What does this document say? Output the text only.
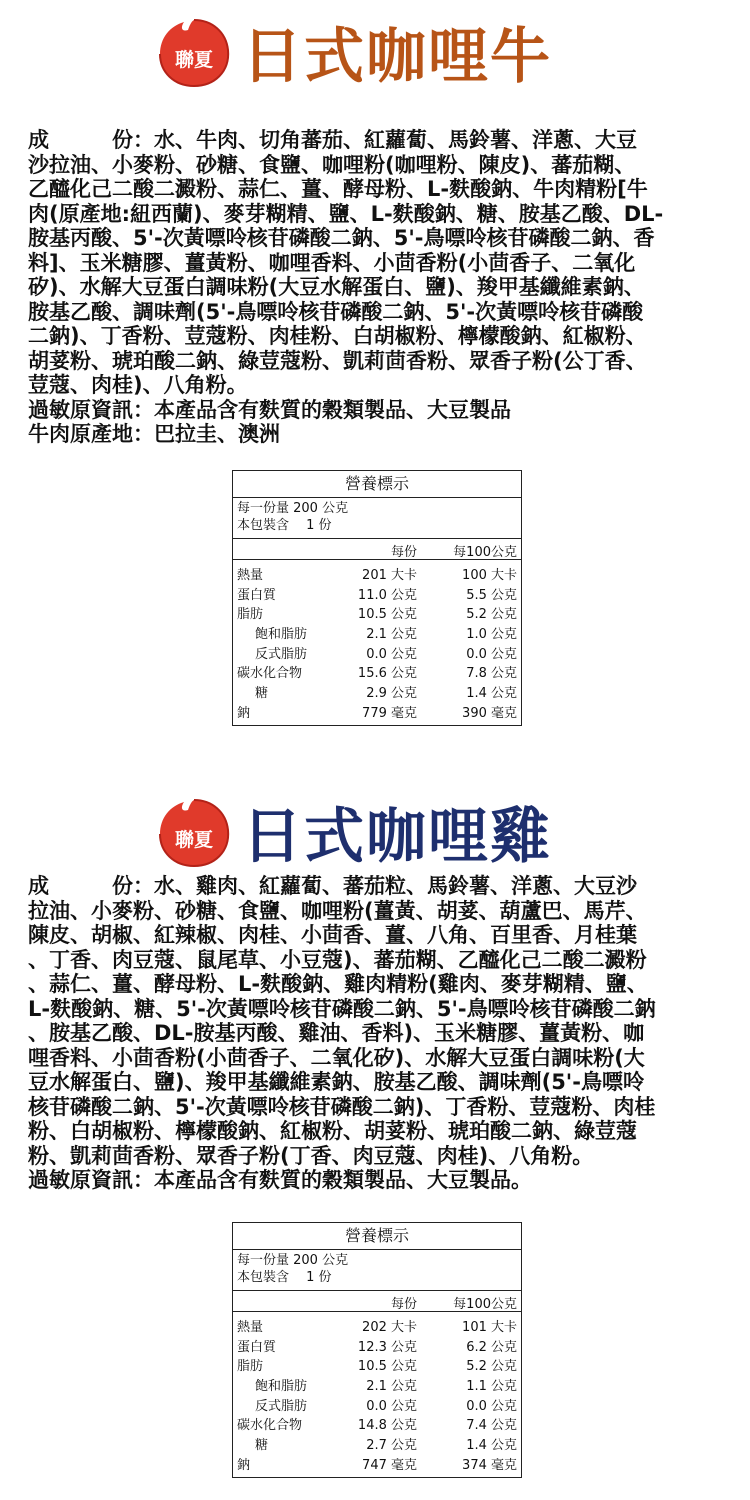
聯夏 日式咖哩牛
成　　　份：水、牛肉、切角蕃茄、紅蘿蔔、馬鈴薯、洋蔥、大豆
沙拉油、小麥粉、砂糖、食鹽、咖哩粉(咖哩粉、陳皮)、蕃茄糊、
乙醯化己二酸二澱粉、蒜仁、薑、酵母粉、L-麩酸鈉、牛肉精粉[牛
肉(原產地:紐西蘭)、麥芽糊精、鹽、L-麩酸鈉、糖、胺基乙酸、DL-
胺基丙酸、5'-次黃嘌呤核苷磷酸二鈉、5'-鳥嘌呤核苷磷酸二鈉、香
料]、玉米糖膠、薑黃粉、咖哩香料、小茴香粉(小茴香子、二氧化
矽)、水解大豆蛋白調味粉(大豆水解蛋白、鹽)、羧甲基纖維素鈉、
胺基乙酸、調味劑(5'-鳥嘌呤核苷磷酸二鈉、5'-次黃嘌呤核苷磷酸
二鈉)、丁香粉、荳蔻粉、肉桂粉、白胡椒粉、檸檬酸鈉、紅椒粉、
胡荽粉、琥珀酸二鈉、綠荳蔻粉、凱莉茴香粉、眾香子粉(公丁香、
荳蔻、肉桂)、八角粉。
過敏原資訊：本產品含有麩質的穀類製品、大豆製品
牛肉原產地：巴拉圭、澳洲
營養標示
每一份量 200 公克
本包裝含　 1 份
每份	每100公克
熱量	201 大卡	100 大卡
蛋白質	11.0 公克	5.5 公克
脂肪	10.5 公克	5.2 公克
飽和脂肪	2.1 公克	1.0 公克
反式脂肪	0.0 公克	0.0 公克
碳水化合物	15.6 公克	7.8 公克
糖	2.9 公克	1.4 公克
鈉	779 毫克	390 毫克
聯夏 日式咖哩雞
成　　　份：水、雞肉、紅蘿蔔、蕃茄粒、馬鈴薯、洋蔥、大豆沙
拉油、小麥粉、砂糖、食鹽、咖哩粉(薑黃、胡荽、葫蘆巴、馬芹、
陳皮、胡椒、紅辣椒、肉桂、小茴香、薑、八角、百里香、月桂葉
、丁香、肉豆蔻、鼠尾草、小豆蔻)、蕃茄糊、乙醯化己二酸二澱粉
、蒜仁、薑、酵母粉、L-麩酸鈉、雞肉精粉(雞肉、麥芽糊精、鹽、
L-麩酸鈉、糖、5'-次黃嘌呤核苷磷酸二鈉、5'-鳥嘌呤核苷磷酸二鈉
、胺基乙酸、DL-胺基丙酸、雞油、香料)、玉米糖膠、薑黃粉、咖
哩香料、小茴香粉(小茴香子、二氧化矽)、水解大豆蛋白調味粉(大
豆水解蛋白、鹽)、羧甲基纖維素鈉、胺基乙酸、調味劑(5'-鳥嘌呤
核苷磷酸二鈉、5'-次黃嘌呤核苷磷酸二鈉)、丁香粉、荳蔻粉、肉桂
粉、白胡椒粉、檸檬酸鈉、紅椒粉、胡荽粉、琥珀酸二鈉、綠荳蔻
粉、凱莉茴香粉、眾香子粉(丁香、肉豆蔻、肉桂)、八角粉。
過敏原資訊：本產品含有麩質的穀類製品、大豆製品。
營養標示
每一份量 200 公克
本包裝含　 1 份
每份	每100公克
熱量	202 大卡	101 大卡
蛋白質	12.3 公克	6.2 公克
脂肪	10.5 公克	5.2 公克
飽和脂肪	2.1 公克	1.1 公克
反式脂肪	0.0 公克	0.0 公克
碳水化合物	14.8 公克	7.4 公克
糖	2.7 公克	1.4 公克
鈉	747 毫克	374 毫克
